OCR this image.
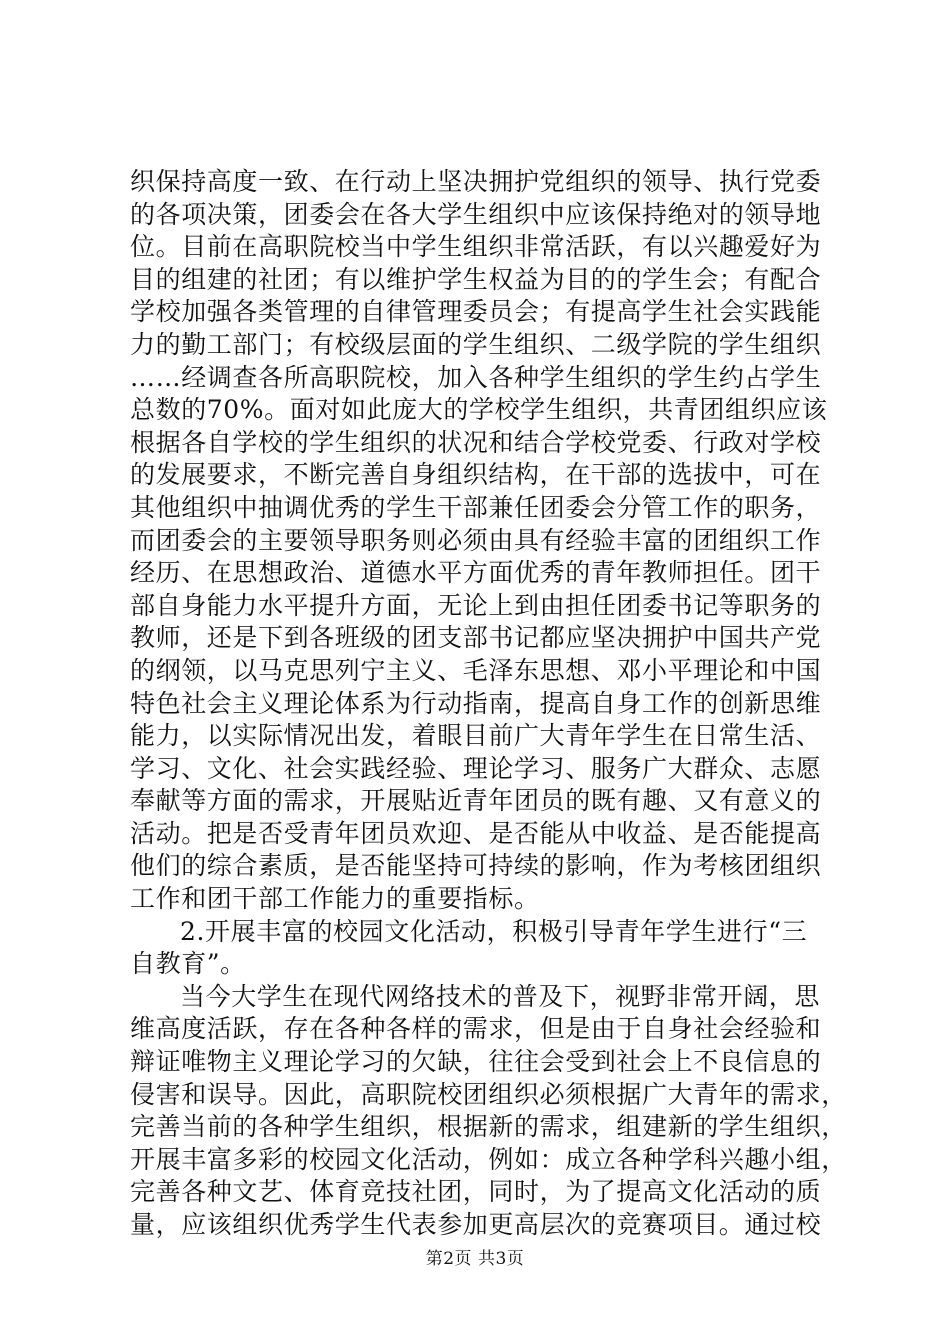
织保持高度一致、在行动上坚决拥护党组织的领导、执行党委
的各项决策，团委会在各大学生组织中应该保持绝对的领导地
位。目前在高职院校当中学生组织非常活跃，有以兴趣爱好为
目的组建的社团；有以维护学生权益为目的的学生会；有配合
学校加强各类管理的自律管理委员会；有提高学生社会实践能
力的勤工部门；有校级层面的学生组织、二级学院的学生组织
……经调查各所高职院校，加入各种学生组织的学生约占学生
总数的70%。面对如此庞大的学校学生组织，共青团组织应该
根据各自学校的学生组织的状况和结合学校党委、行政对学校
的发展要求，不断完善自身组织结构，在干部的选拔中，可在
其他组织中抽调优秀的学生干部兼任团委会分管工作的职务，
而团委会的主要领导职务则必须由具有经验丰富的团组织工作
经历、在思想政治、道德水平方面优秀的青年教师担任。团干
部自身能力水平提升方面，无论上到由担任团委书记等职务的
教师，还是下到各班级的团支部书记都应坚决拥护中国共产党
的纲领，以马克思列宁主义、毛泽东思想、邓小平理论和中国
特色社会主义理论体系为行动指南，提高自身工作的创新思维
能力，以实际情况出发，着眼目前广大青年学生在日常生活、
学习、文化、社会实践经验、理论学习、服务广大群众、志愿
奉献等方面的需求，开展贴近青年团员的既有趣、又有意义的
活动。把是否受青年团员欢迎、是否能从中收益、是否能提高
他们的综合素质，是否能坚持可持续的影响，作为考核团组织
工作和团干部工作能力的重要指标。
2.开展丰富的校园文化活动，积极引导青年学生进行“三
自教育”。
当今大学生在现代网络技术的普及下，视野非常开阔，思
维高度活跃，存在各种各样的需求，但是由于自身社会经验和
辩证唯物主义理论学习的欠缺，往往会受到社会上不良信息的
侵害和误导。因此，高职院校团组织必须根据广大青年的需求，
完善当前的各种学生组织，根据新的需求，组建新的学生组织，
开展丰富多彩的校园文化活动，例如：成立各种学科兴趣小组，
完善各种文艺、体育竞技社团，同时，为了提高文化活动的质
量，应该组织优秀学生代表参加更高层次的竞赛项目。通过校
第2页 共3页
